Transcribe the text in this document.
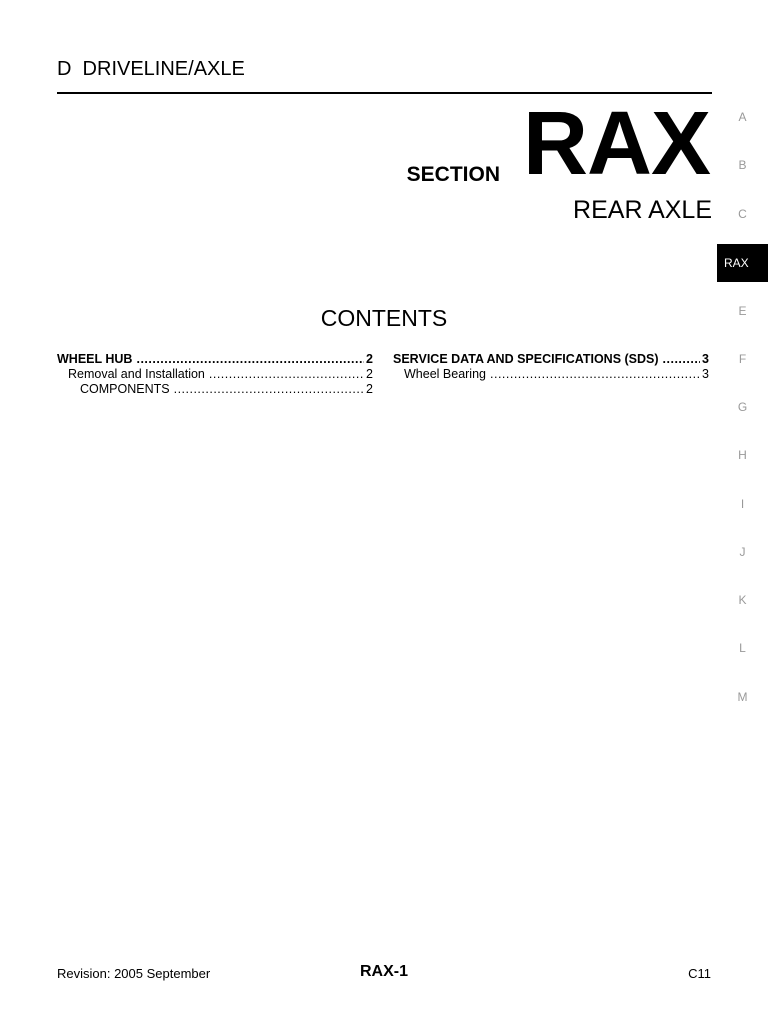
D  DRIVELINE/AXLE
SECTION RAX
REAR AXLE
CONTENTS
WHEEL HUB .....	2
Removal and Installation .....	2
COMPONENTS .....	2
SERVICE DATA AND SPECIFICATIONS (SDS) .....	3
Wheel Bearing .....	3
A
B
C
RAX
E
F
G
H
I
J
K
L
M
Revision: 2005 September	RAX-1	C11
